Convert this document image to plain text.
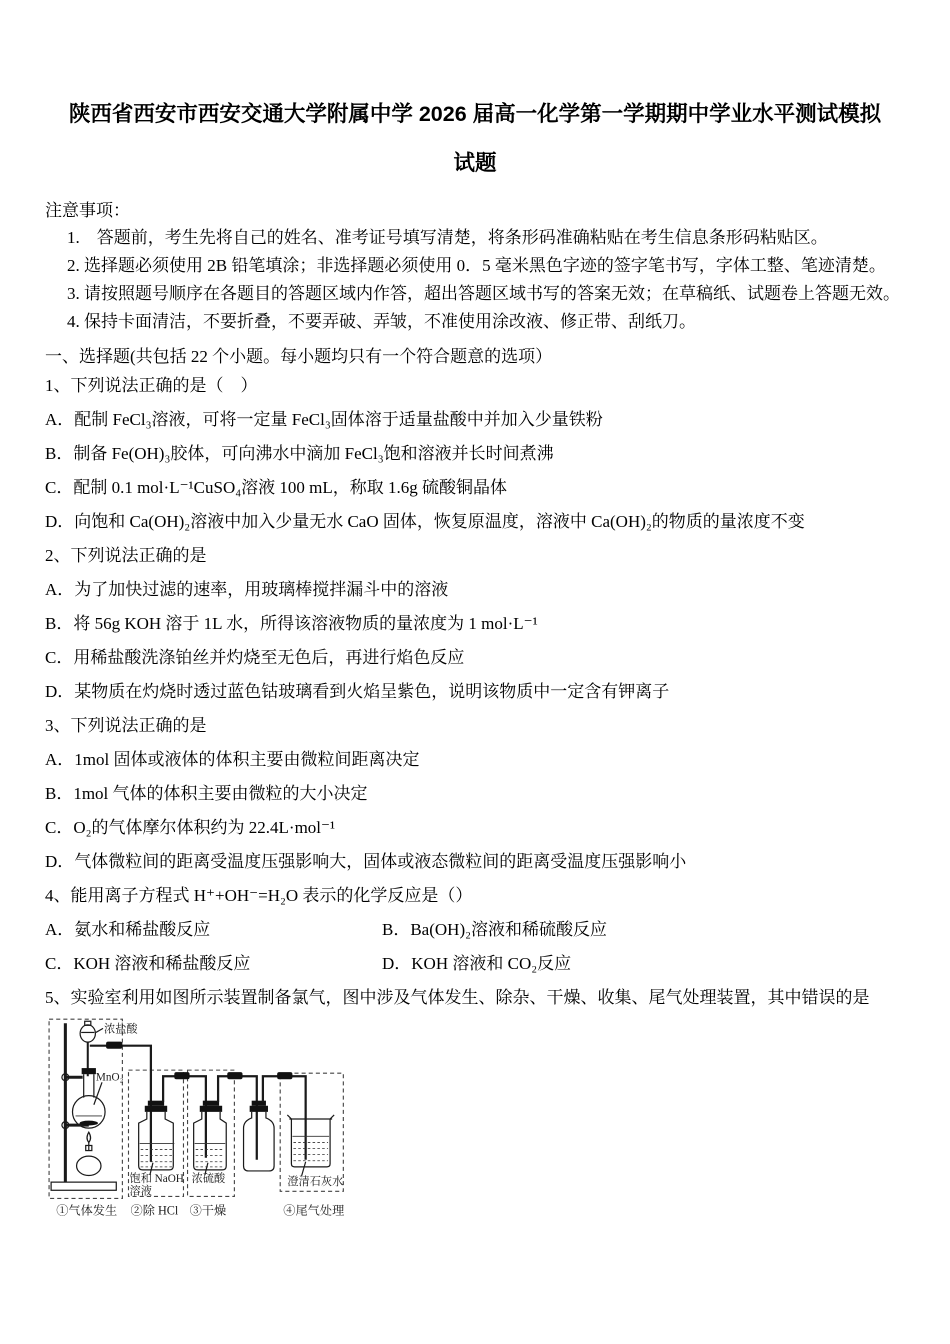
陕西省西安市西安交通大学附属中学 2026 届高一化学第一学期期中学业水平测试模拟
试题
注意事项：
1.　答题前，考生先将自己的姓名、准考证号填写清楚，将条形码准确粘贴在考生信息条形码粘贴区。
2. 选择题必须使用 2B 铅笔填涂；非选择题必须使用 0．5 毫米黑色字迹的签字笔书写，字体工整、笔迹清楚。
3. 请按照题号顺序在各题目的答题区域内作答，超出答题区域书写的答案无效；在草稿纸、试题卷上答题无效。
4. 保持卡面清洁，不要折叠，不要弄破、弄皱，不准使用涂改液、修正带、刮纸刀。
一、选择题(共包括 22 个小题。每小题均只有一个符合题意的选项）
1、下列说法正确的是（　）
A．配制 FeCl₃溶液，可将一定量 FeCl₃固体溶于适量盐酸中并加入少量铁粉
B．制备 Fe(OH)₃胶体，可向沸水中滴加 FeCl₃饱和溶液并长时间煮沸
C．配制 0.1 mol·L⁻¹CuSO₄溶液 100 mL，称取 1.6g 硫酸铜晶体
D．向饱和 Ca(OH)₂溶液中加入少量无水 CaO 固体，恢复原温度，溶液中 Ca(OH)₂的物质的量浓度不变
2、下列说法正确的是
A．为了加快过滤的速率，用玻璃棒搅拌漏斗中的溶液
B．将 56g KOH 溶于 1L 水，所得该溶液物质的量浓度为 1 mol·L⁻¹
C．用稀盐酸洗涤铂丝并灼烧至无色后，再进行焰色反应
D．某物质在灼烧时透过蓝色钴玻璃看到火焰呈紫色，说明该物质中一定含有钾离子
3、下列说法正确的是
A．1mol 固体或液体的体积主要由微粒间距离决定
B．1mol 气体的体积主要由微粒的大小决定
C．O₂的气体摩尔体积约为 22.4L·mol⁻¹
D．气体微粒间的距离受温度压强影响大，固体或液态微粒间的距离受温度压强影响小
4、能用离子方程式 H⁺+OH⁻=H₂O 表示的化学反应是（）
A．氨水和稀盐酸反应	B．Ba(OH)₂溶液和稀硫酸反应
C．KOH 溶液和稀盐酸反应	D．KOH 溶液和 CO₂反应
5、实验室利用如图所示装置制备氯气，图中涉及气体发生、除杂、干燥、收集、尾气处理装置，其中错误的是
浓盐酸
MnO₂
饱和 NaOH
溶液
浓硫酸	澄清石灰水
①气体发生 ②除 HCl ③干燥	④尾气处理
